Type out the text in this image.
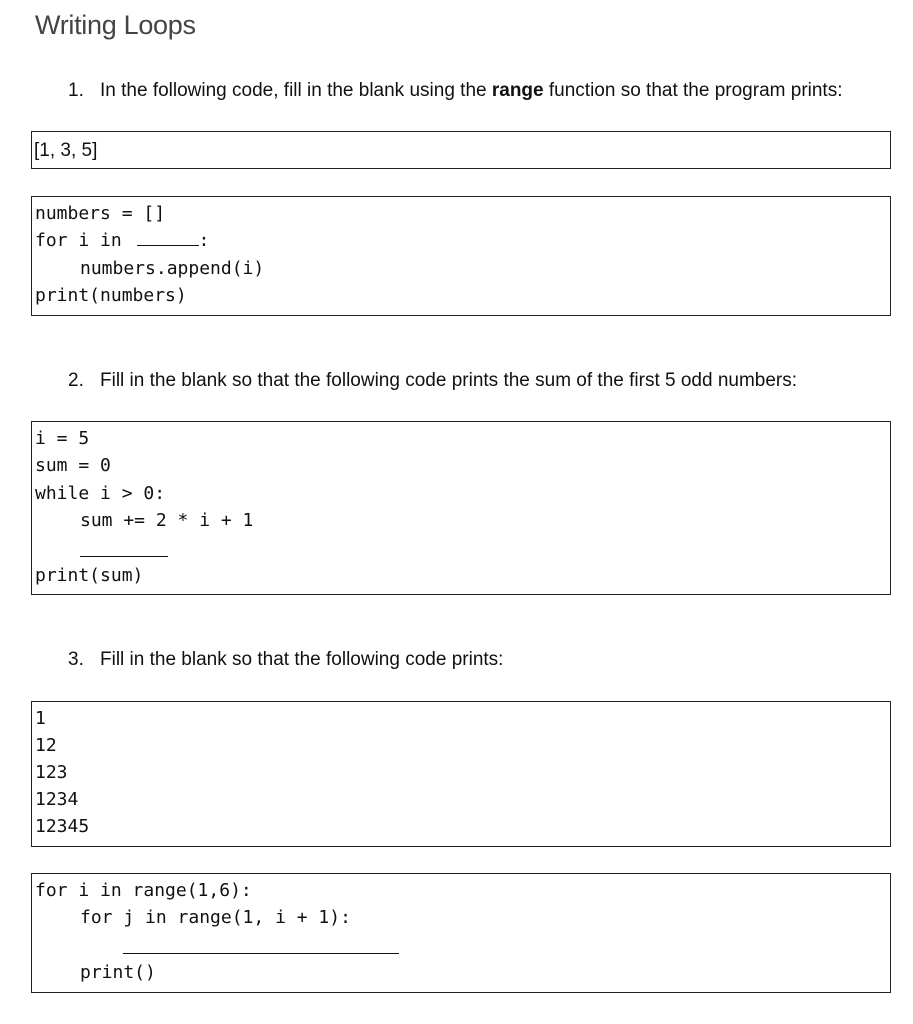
Writing Loops
1. In the following code, fill in the blank using the range function so that the program prints:
[1, 3, 5]
numbers = []
for i in	:
numbers.append(i)
print(numbers)
2. Fill in the blank so that the following code prints the sum of the first 5 odd numbers:
i = 5
sum = 0
while i > 0:
sum += 2 * i + 1
print(sum)
3. Fill in the blank so that the following code prints:
1
12
123
1234
12345
for i in range(1,6):
for j in range(1, i + 1):
print()
